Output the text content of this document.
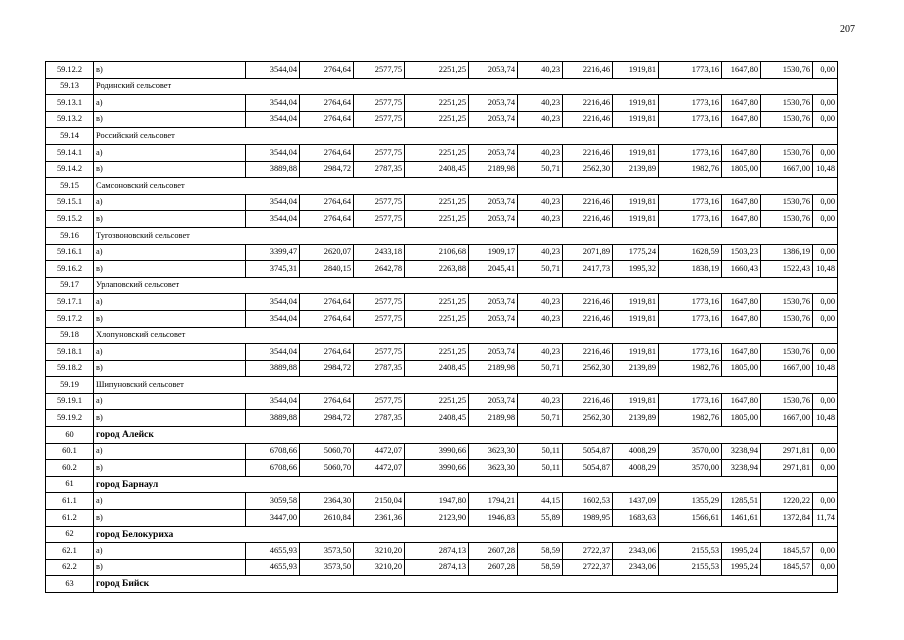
207
59.12.2	в)	3544,04	2764,64	2577,75	2251,25	2053,74	40,23	2216,46	1919,81	1773,16	1647,80	1530,76	0,00
59.13	Родинский сельсовет												
59.13.1	а)	3544,04	2764,64	2577,75	2251,25	2053,74	40,23	2216,46	1919,81	1773,16	1647,80	1530,76	0,00
59.13.2	в)	3544,04	2764,64	2577,75	2251,25	2053,74	40,23	2216,46	1919,81	1773,16	1647,80	1530,76	0,00
59.14	Российский сельсовет												
59.14.1	а)	3544,04	2764,64	2577,75	2251,25	2053,74	40,23	2216,46	1919,81	1773,16	1647,80	1530,76	0,00
59.14.2	в)	3889,88	2984,72	2787,35	2408,45	2189,98	50,71	2562,30	2139,89	1982,76	1805,00	1667,00	10,48
59.15	Самсоновский сельсовет												
59.15.1	а)	3544,04	2764,64	2577,75	2251,25	2053,74	40,23	2216,46	1919,81	1773,16	1647,80	1530,76	0,00
59.15.2	в)	3544,04	2764,64	2577,75	2251,25	2053,74	40,23	2216,46	1919,81	1773,16	1647,80	1530,76	0,00
59.16	Тугозвоновский сельсовет												
59.16.1	а)	3399,47	2620,07	2433,18	2106,68	1909,17	40,23	2071,89	1775,24	1628,59	1503,23	1386,19	0,00
59.16.2	в)	3745,31	2840,15	2642,78	2263,88	2045,41	50,71	2417,73	1995,32	1838,19	1660,43	1522,43	10,48
59.17	Урлаповский сельсовет												
59.17.1	а)	3544,04	2764,64	2577,75	2251,25	2053,74	40,23	2216,46	1919,81	1773,16	1647,80	1530,76	0,00
59.17.2	в)	3544,04	2764,64	2577,75	2251,25	2053,74	40,23	2216,46	1919,81	1773,16	1647,80	1530,76	0,00
59.18	Хлопуновский сельсовет												
59.18.1	а)	3544,04	2764,64	2577,75	2251,25	2053,74	40,23	2216,46	1919,81	1773,16	1647,80	1530,76	0,00
59.18.2	в)	3889,88	2984,72	2787,35	2408,45	2189,98	50,71	2562,30	2139,89	1982,76	1805,00	1667,00	10,48
59.19	Шипуновский сельсовет												
59.19.1	а)	3544,04	2764,64	2577,75	2251,25	2053,74	40,23	2216,46	1919,81	1773,16	1647,80	1530,76	0,00
59.19.2	в)	3889,88	2984,72	2787,35	2408,45	2189,98	50,71	2562,30	2139,89	1982,76	1805,00	1667,00	10,48
60	город Алейск												
60.1	а)	6708,66	5060,70	4472,07	3990,66	3623,30	50,11	5054,87	4008,29	3570,00	3238,94	2971,81	0,00
60.2	в)	6708,66	5060,70	4472,07	3990,66	3623,30	50,11	5054,87	4008,29	3570,00	3238,94	2971,81	0,00
61	город Барнаул												
61.1	а)	3059,58	2364,30	2150,04	1947,80	1794,21	44,15	1602,53	1437,09	1355,29	1285,51	1220,22	0,00
61.2	в)	3447,00	2610,84	2361,36	2123,90	1946,83	55,89	1989,95	1683,63	1566,61	1461,61	1372,84	11,74
62	город Белокуриха												
62.1	а)	4655,93	3573,50	3210,20	2874,13	2607,28	58,59	2722,37	2343,06	2155,53	1995,24	1845,57	0,00
62.2	в)	4655,93	3573,50	3210,20	2874,13	2607,28	58,59	2722,37	2343,06	2155,53	1995,24	1845,57	0,00
63	город Бийск												
